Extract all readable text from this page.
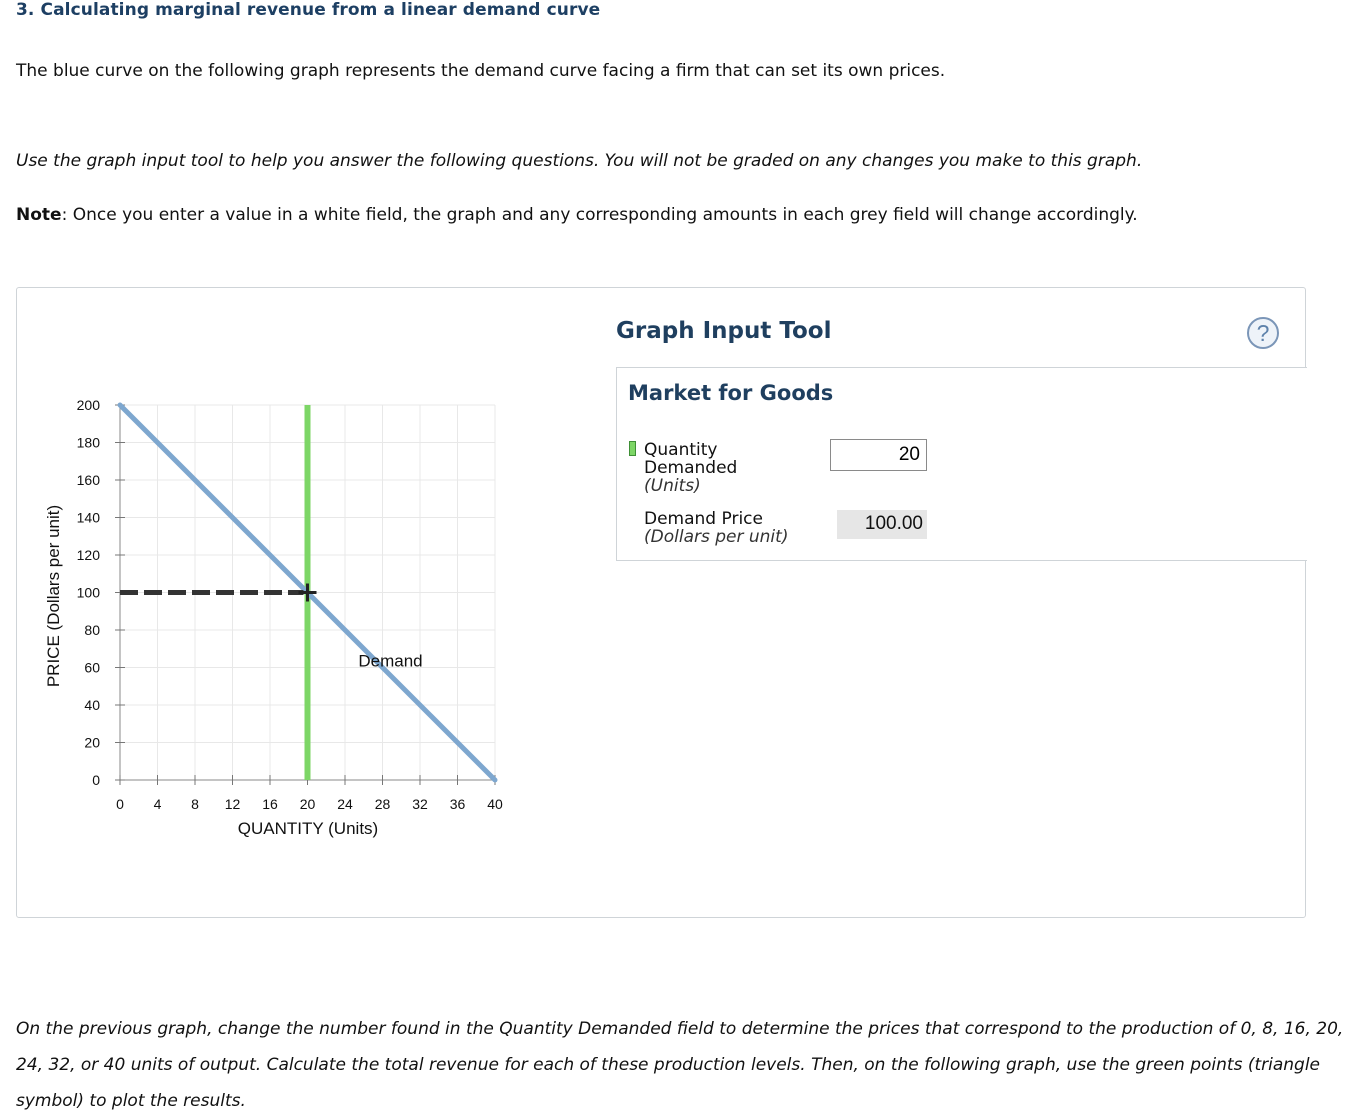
3. Calculating marginal revenue from a linear demand curve

The blue curve on the following graph represents the demand curve facing a firm that can set its own prices.

Use the graph input tool to help you answer the following questions. You will not be graded on any changes you make to this graph.

Note: Once you enter a value in a white field, the graph and any corresponding amounts in each grey field will change accordingly.

0
20
40
60
80
100
120
140
160
180
200
0 4 8 12 16 20 24 28 32 36 40
Demand
QUANTITY (Units)
PRICE (Dollars per unit)
Graph Input Tool	?
Market for Goods
Quantity Demanded
(Units)
20
Demand Price
(Dollars per unit)
100.00

On the previous graph, change the number found in the Quantity Demanded field to determine the prices that correspond to the production of 0, 8, 16, 20, 24, 32, or 40 units of output. Calculate the total revenue for each of these production levels. Then, on the following graph, use the green points (triangle symbol) to plot the results.
